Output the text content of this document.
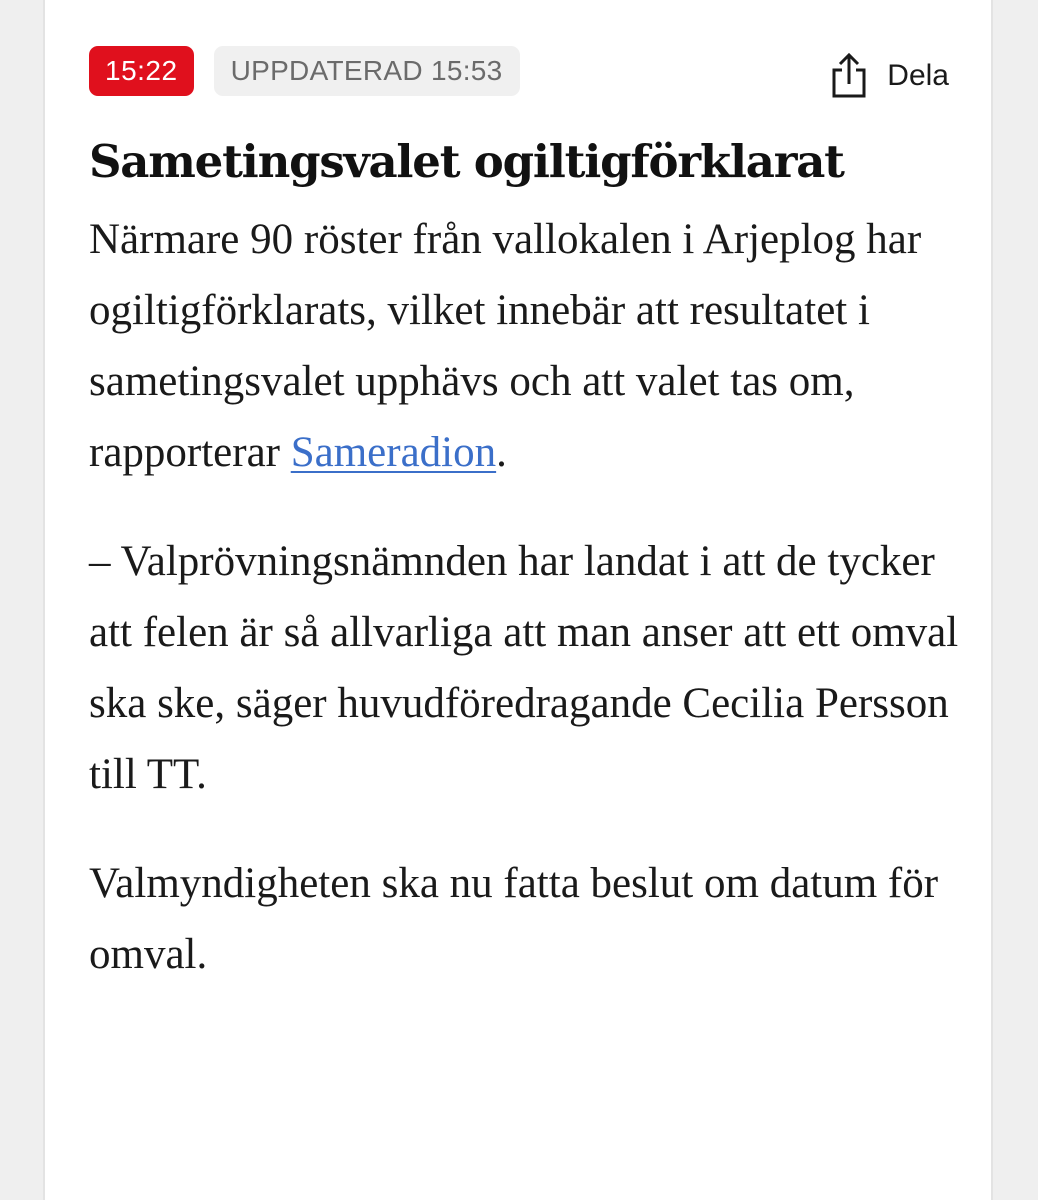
15:22	UPPDATERAD 15:53	Dela
Sametingsvalet ogiltigförklarat

Närmare 90 röster från vallokalen i Arjeplog har ogiltigförklarats, vilket innebär att resultatet i sametingsvalet upphävs och att valet tas om, rapporterar Sameradion.

– Valprövningsnämnden har landat i att de tycker att felen är så allvarliga att man anser att ett omval ska ske, säger huvudföredragande Cecilia Persson till TT.

Valmyndigheten ska nu fatta beslut om datum för omval.
